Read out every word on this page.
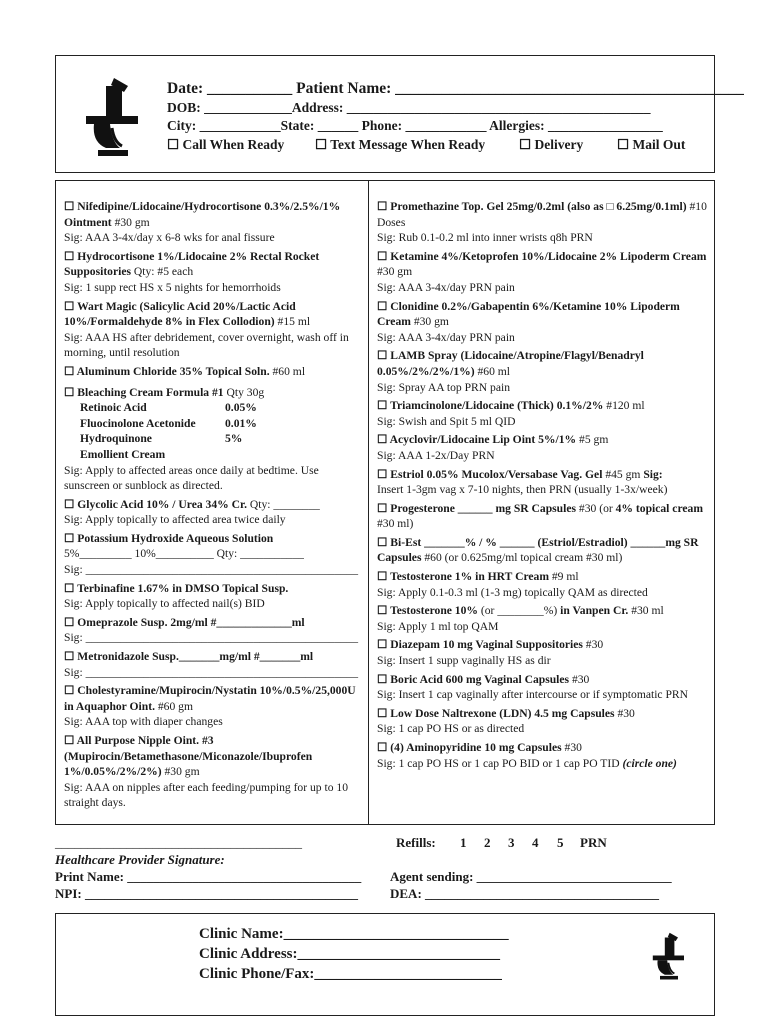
Date: ___________ Patient Name: _____________________________________________
DOB: _____________Address: _____________________________________________
City: ____________State: ______ Phone: ____________ Allergies: _________________
☐ Call When Ready ☐ Text Message When Ready	☐ Delivery	☐ Mail Out
☐ Nifedipine/Lidocaine/Hydrocortisone 0.3%/2.5%/1% Ointment #30 gm
Sig: AAA 3-4x/day x 6-8 wks for anal fissure
☐ Hydrocortisone 1%/Lidocaine 2% Rectal Rocket Suppositories Qty: #5 each
Sig: 1 supp rect HS x 5 nights for hemorrhoids
☐ Wart Magic (Salicylic Acid 20%/Lactic Acid 10%/Formaldehyde 8% in Flex Collodion) #15 ml
Sig: AAA HS after debridement, cover overnight, wash off in morning, until resolution
☐ Aluminum Chloride 35% Topical Soln. #60 ml
☐ Bleaching Cream Formula #1 Qty 30g
Retinoic Acid	0.05%
Fluocinolone Acetonide	0.01%
Hydroquinone	5%
Emollient Cream
Sig: Apply to affected areas once daily at bedtime. Use sunscreen or sunblock as directed.
☐ Glycolic Acid 10% / Urea 34% Cr. Qty: ________
Sig: Apply topically to affected area twice daily
☐ Potassium Hydroxide Aqueous Solution
5%_________ 10%__________ Qty: ___________
Sig: _______________________________________________
☐ Terbinafine 1.67% in DMSO Topical Susp.
Sig: Apply topically to affected nail(s) BID
☐ Omeprazole Susp. 2mg/ml #_____________ml
Sig: _______________________________________________
☐ Metronidazole Susp._______mg/ml #_______ml
Sig: _______________________________________________
☐ Cholestyramine/Mupirocin/Nystatin 10%/0.5%/25,000U in Aquaphor Oint. #60 gm
Sig: AAA top with diaper changes
☐ All Purpose Nipple Oint. #3 (Mupirocin/Betamethasone/Miconazole/Ibuprofen 1%/0.05%/2%/2%) #30 gm
Sig: AAA on nipples after each feeding/pumping for up to 10 straight days.
☐ Promethazine Top. Gel 25mg/0.2ml (also as □ 6.25mg/0.1ml) #10 Doses
Sig: Rub 0.1-0.2 ml into inner wrists q8h PRN
☐ Ketamine 4%/Ketoprofen 10%/Lidocaine 2% Lipoderm Cream #30 gm
Sig: AAA 3-4x/day PRN pain
☐ Clonidine 0.2%/Gabapentin 6%/Ketamine 10% Lipoderm Cream #30 gm
Sig: AAA 3-4x/day PRN pain
☐ LAMB Spray (Lidocaine/Atropine/Flagyl/Benadryl 0.05%/2%/2%/1%) #60 ml
Sig: Spray AA top PRN pain
☐ Triamcinolone/Lidocaine (Thick) 0.1%/2% #120 ml
Sig: Swish and Spit 5 ml QID
☐ Acyclovir/Lidocaine Lip Oint 5%/1% #5 gm
Sig: AAA 1-2x/Day PRN
☐ Estriol 0.05% Mucolox/Versabase Vag. Gel #45 gm Sig:
Insert 1-3gm vag x 7-10 nights, then PRN (usually 1-3x/week)
☐ Progesterone ______ mg SR Capsules #30 (or 4% topical cream #30 ml)
☐ Bi-Est _______% / % ______ (Estriol/Estradiol) ______mg SR Capsules #60 (or 0.625mg/ml topical cream #30 ml)
☐ Testosterone 1% in HRT Cream #9 ml
Sig: Apply 0.1-0.3 ml (1-3 mg) topically QAM as directed
☐ Testosterone 10% (or ________%) in Vanpen Cr. #30 ml
Sig: Apply 1 ml top QAM
☐ Diazepam 10 mg Vaginal Suppositories #30
Sig: Insert 1 supp vaginally HS as dir
☐ Boric Acid 600 mg Vaginal Capsules #30
Sig: Insert 1 cap vaginally after intercourse or if symptomatic PRN
☐ Low Dose Naltrexone (LDN) 4.5 mg Capsules #30
Sig: 1 cap PO HS or as directed
☐ (4) Aminopyridine 10 mg Capsules #30
Sig: 1 cap PO HS or 1 cap PO BID or 1 cap PO TID (circle one)
______________________________________
Healthcare Provider Signature:
Print Name: ____________________________________
NPI: __________________________________________
Refills: 1 2 3 4 5 PRN
Agent sending: ______________________________
DEA: ____________________________________
Clinic Name:______________________________
Clinic Address:___________________________
Clinic Phone/Fax:_________________________
